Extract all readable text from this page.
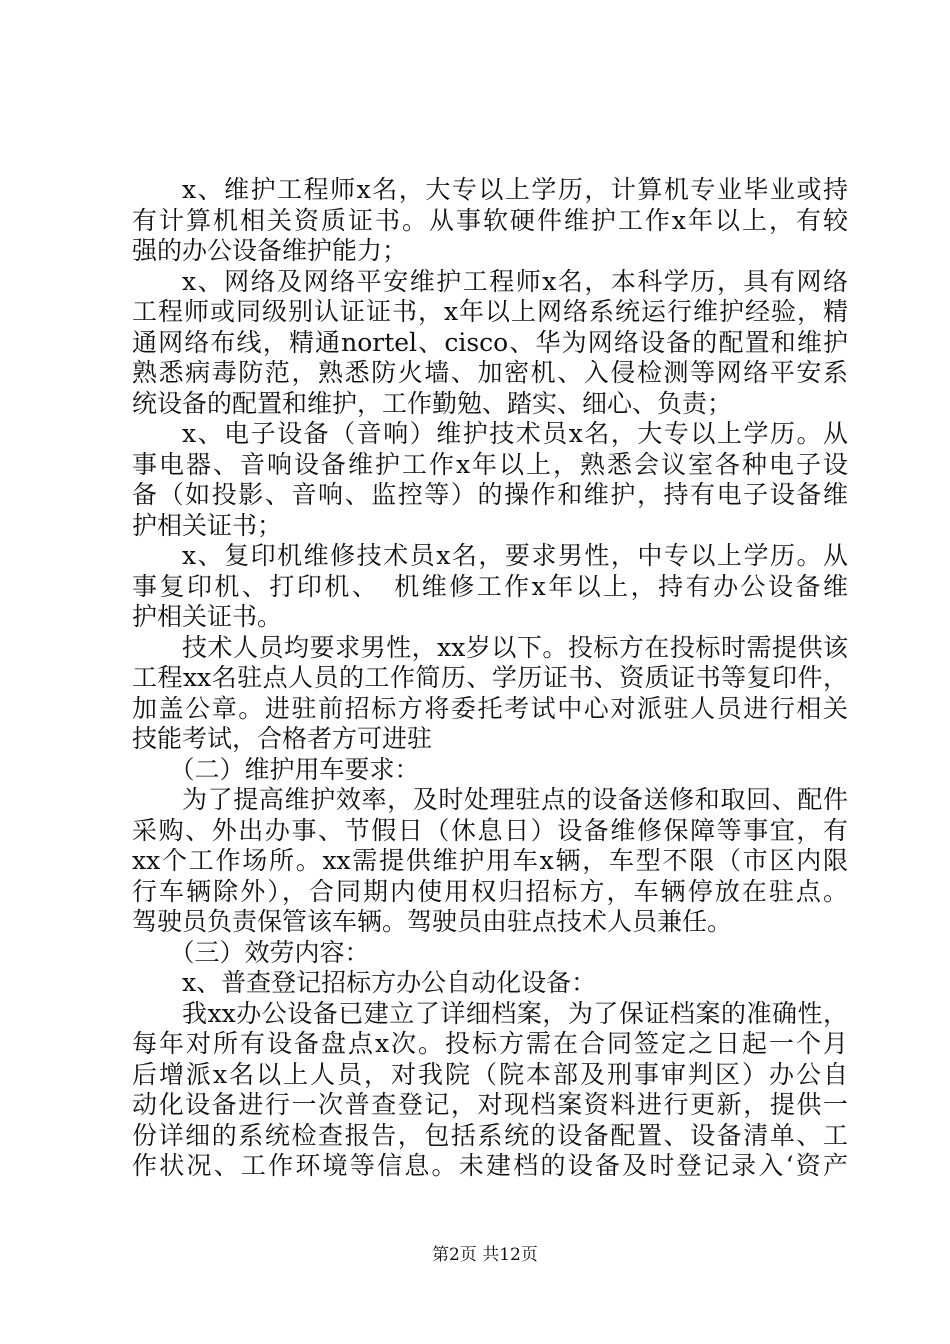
x、维护工程师x名，大专以上学历，计算机专业毕业或持
有计算机相关资质证书。从事软硬件维护工作x年以上，有较
强的办公设备维护能力；
x、网络及网络平安维护工程师x名，本科学历，具有网络
工程师或同级别认证证书，x年以上网络系统运行维护经验，精
通网络布线，精通nortel、cisco、华为网络设备的配置和维护
熟悉病毒防范，熟悉防火墙、加密机、入侵检测等网络平安系
统设备的配置和维护，工作勤勉、踏实、细心、负责；
x、电子设备（音响）维护技术员x名，大专以上学历。从
事电器、音响设备维护工作x年以上，熟悉会议室各种电子设
备（如投影、音响、监控等）的操作和维护，持有电子设备维
护相关证书；
x、复印机维修技术员x名，要求男性，中专以上学历。从
事复印机、打印机、　机维修工作x年以上，持有办公设备维
护相关证书。
技术人员均要求男性，xx岁以下。投标方在投标时需提供该
工程xx名驻点人员的工作简历、学历证书、资质证书等复印件，
加盖公章。进驻前招标方将委托考试中心对派驻人员进行相关
技能考试，合格者方可进驻
（二）维护用车要求：
为了提高维护效率，及时处理驻点的设备送修和取回、配件
采购、外出办事、节假日（休息日）设备维修保障等事宜，有
xx个工作场所。xx需提供维护用车x辆，车型不限（市区内限
行车辆除外），合同期内使用权归招标方，车辆停放在驻点。
驾驶员负责保管该车辆。驾驶员由驻点技术人员兼任。
（三）效劳内容：
x、普查登记招标方办公自动化设备：
我xx办公设备已建立了详细档案，为了保证档案的准确性，
每年对所有设备盘点x次。投标方需在合同签定之日起一个月
后增派x名以上人员，对我院（院本部及刑事审判区）办公自
动化设备进行一次普查登记，对现档案资料进行更新，提供一
份详细的系统检查报告，包括系统的设备配置、设备清单、工
作状况、工作环境等信息。未建档的设备及时登记录入‘资产
第2页 共12页
